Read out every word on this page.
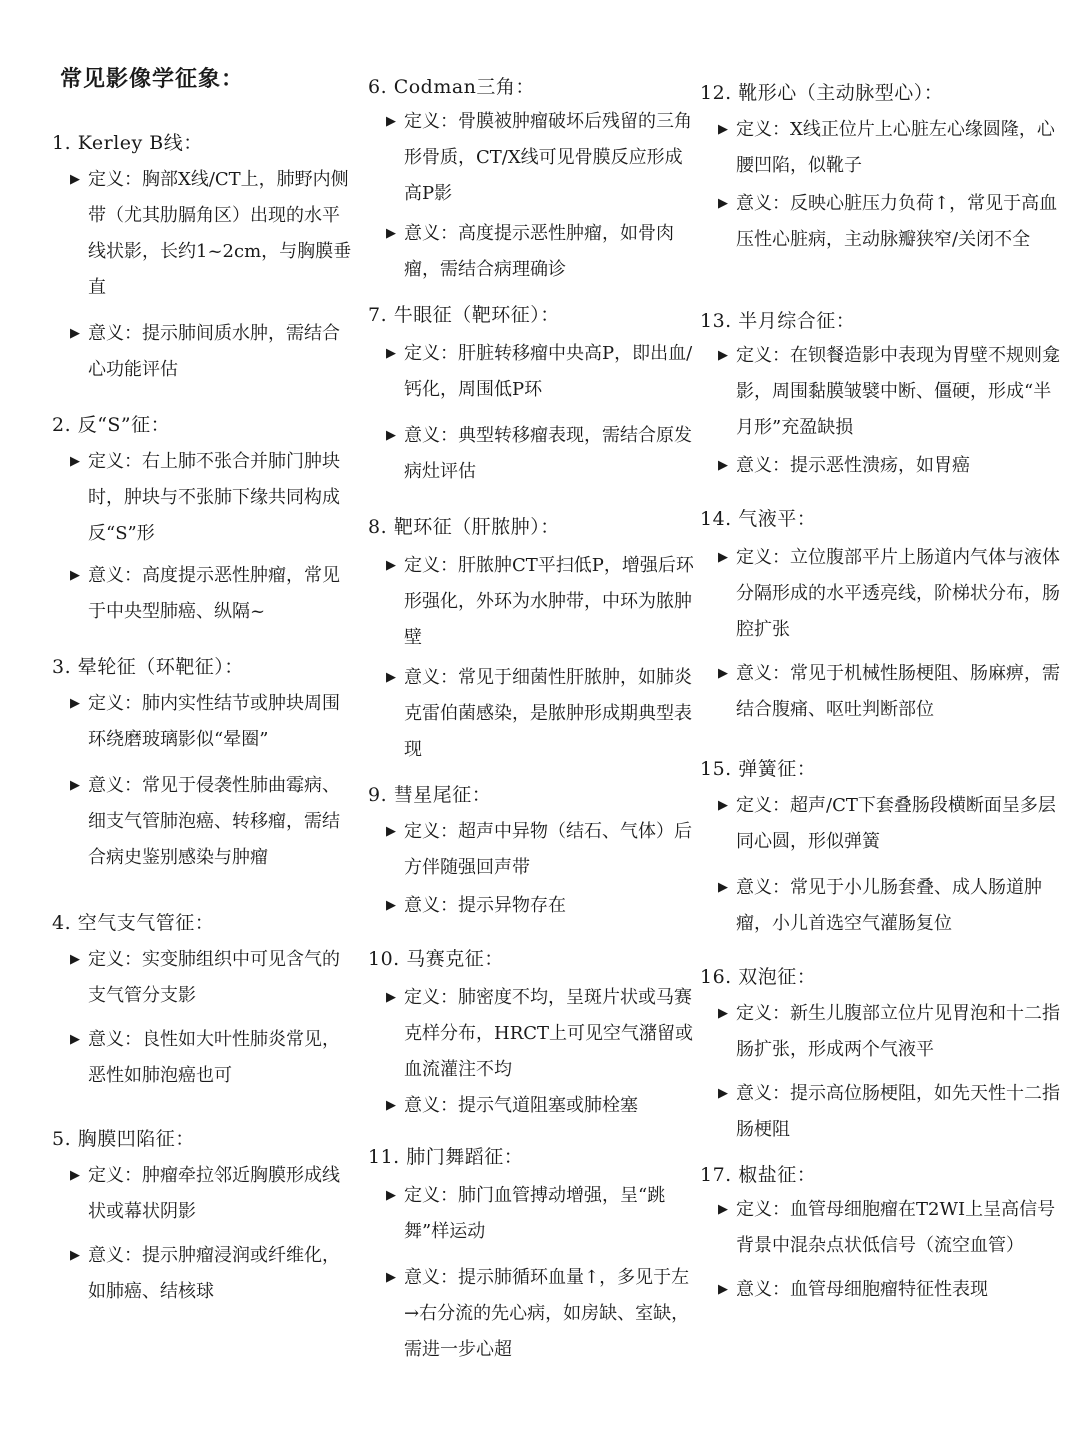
常见影像学征象：
1. Kerley B线：
▶ 定义：胸部X线/CT上，肺野内侧带（尤其肋膈角区）出现的水平线状影，长约1~2cm，与胸膜垂直
▶ 意义：提示肺间质水肿，需结合心功能评估
2. 反“S”征：
▶ 定义：右上肺不张合并肺门肿块时，肿块与不张肺下缘共同构成反“S”形
▶ 意义：高度提示恶性肿瘤，常见于中央型肺癌、纵隔~
3. 晕轮征（环靶征）：
▶ 定义：肺内实性结节或肿块周围环绕磨玻璃影似“晕圈”
▶ 意义：常见于侵袭性肺曲霉病、细支气管肺泡癌、转移瘤，需结合病史鉴别感染与肿瘤
4. 空气支气管征：
▶ 定义：实变肺组织中可见含气的支气管分支影
▶ 意义：良性如大叶性肺炎常见，恶性如肺泡癌也可
5. 胸膜凹陷征：
▶ 定义：肿瘤牵拉邻近胸膜形成线状或幕状阴影
▶ 意义：提示肿瘤浸润或纤维化，如肺癌、结核球
6. Codman三角：
▶ 定义：骨膜被肿瘤破坏后残留的三角形骨质，CT/X线可见骨膜反应形成高P影
▶ 意义：高度提示恶性肿瘤，如骨肉瘤，需结合病理确诊
7. 牛眼征（靶环征）：
▶ 定义：肝脏转移瘤中央高P，即出血/钙化，周围低P环
▶ 意义：典型转移瘤表现，需结合原发病灶评估
8. 靶环征（肝脓肿）：
▶ 定义：肝脓肿CT平扫低P，增强后环形强化，外环为水肿带，中环为脓肿壁
▶ 意义：常见于细菌性肝脓肿，如肺炎克雷伯菌感染，是脓肿形成期典型表现
9. 彗星尾征：
▶ 定义：超声中异物（结石、气体）后方伴随强回声带
▶ 意义：提示异物存在
10. 马赛克征：
▶ 定义：肺密度不均，呈斑片状或马赛克样分布，HRCT上可见空气潴留或血流灌注不均
▶ 意义：提示气道阻塞或肺栓塞
11. 肺门舞蹈征：
▶ 定义：肺门血管搏动增强，呈“跳舞”样运动
▶ 意义：提示肺循环血量↑，多见于左→右分流的先心病，如房缺、室缺，需进一步心超
12. 靴形心（主动脉型心）：
▶ 定义：X线正位片上心脏左心缘圆隆，心腰凹陷，似靴子
▶ 意义：反映心脏压力负荷↑，常见于高血压性心脏病，主动脉瓣狭窄/关闭不全
13. 半月综合征：
▶ 定义：在钡餐造影中表现为胃壁不规则龛影，周围黏膜皱襞中断、僵硬，形成“半月形”充盈缺损
▶ 意义：提示恶性溃疡，如胃癌
14. 气液平：
▶ 定义：立位腹部平片上肠道内气体与液体分隔形成的水平透亮线，阶梯状分布，肠腔扩张
▶ 意义：常见于机械性肠梗阻、肠麻痹，需结合腹痛、呕吐判断部位
15. 弹簧征：
▶ 定义：超声/CT下套叠肠段横断面呈多层同心圆，形似弹簧
▶ 意义：常见于小儿肠套叠、成人肠道肿瘤，小儿首选空气灌肠复位
16. 双泡征：
▶ 定义：新生儿腹部立位片见胃泡和十二指肠扩张，形成两个气液平
▶ 意义：提示高位肠梗阻，如先天性十二指肠梗阻
17. 椒盐征：
▶ 定义：血管母细胞瘤在T2WI上呈高信号背景中混杂点状低信号（流空血管）
▶ 意义：血管母细胞瘤特征性表现
